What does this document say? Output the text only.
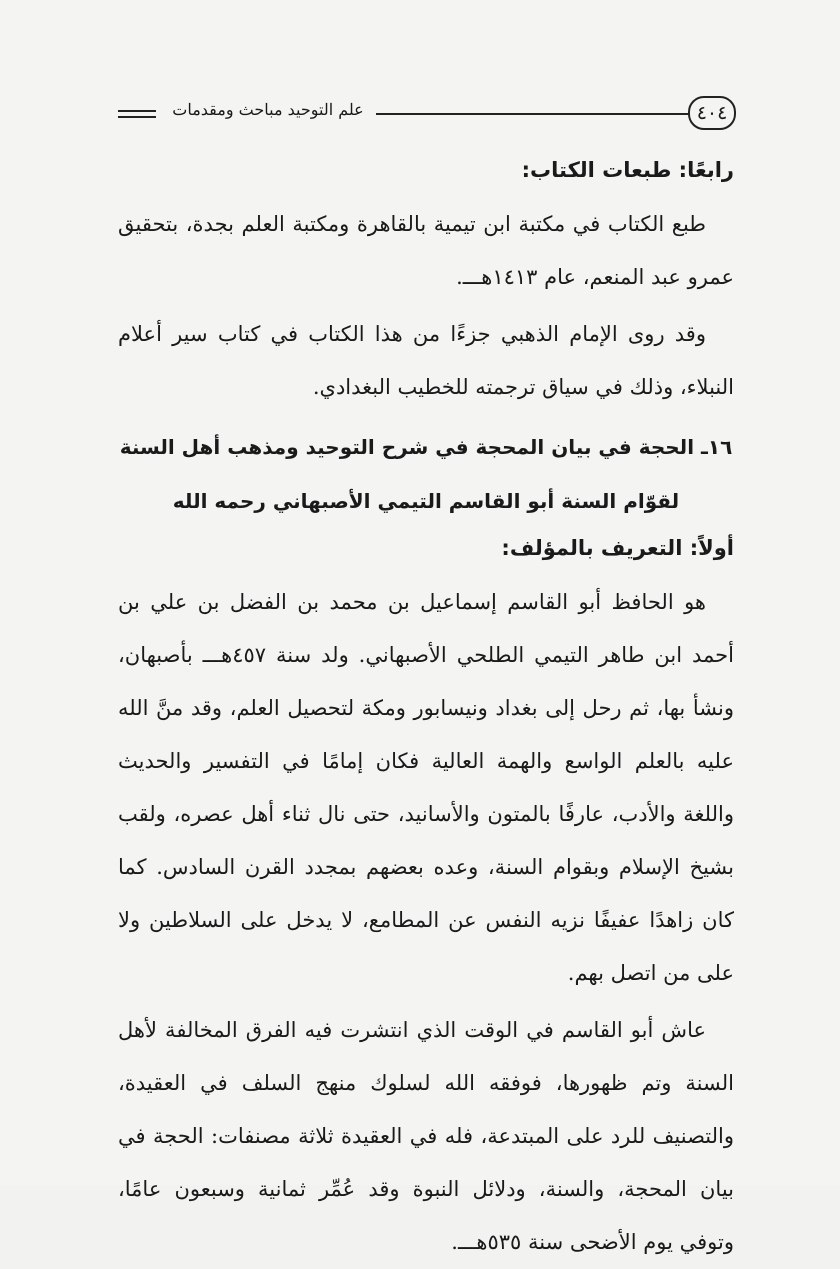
علم التوحيد مباحث ومقدمات	٤٠٤
رابعًا: طبعات الكتاب:

طبع الكتاب في مكتبة ابن تيمية بالقاهرة ومكتبة العلم بجدة، بتحقيق عمرو عبد المنعم، عام ١٤١٣هـــ.

وقد روى الإمام الذهبي جزءًا من هذا الكتاب في كتاب سير أعلام النبلاء، وذلك في سياق ترجمته للخطيب البغدادي.

١٦ـ الحجة في بيان المحجة في شرح التوحيد ومذهب أهل السنة

لقوّام السنة أبو القاسم التيمي الأصبهاني رحمه الله

أولاً: التعريف بالمؤلف:

هو الحافظ أبو القاسم إسماعيل بن محمد بن الفضل بن علي بن أحمد ابن طاهر التيمي الطلحي الأصبهاني. ولد سنة ٤٥٧هـــ بأصبهان، ونشأ بها، ثم رحل إلى بغداد ونيسابور ومكة لتحصيل العلم، وقد منَّ الله عليه بالعلم الواسع والهمة العالية فكان إمامًا في التفسير والحديث واللغة والأدب، عارفًا بالمتون والأسانيد، حتى نال ثناء أهل عصره، ولقب بشيخ الإسلام وبقوام السنة، وعده بعضهم بمجدد القرن السادس. كما كان زاهدًا عفيفًا نزيه النفس عن المطامع، لا يدخل على السلاطين ولا على من اتصل بهم.

عاش أبو القاسم في الوقت الذي انتشرت فيه الفرق المخالفة لأهل السنة وتم ظهورها، فوفقه الله لسلوك منهج السلف في العقيدة، والتصنيف للرد على المبتدعة، فله في العقيدة ثلاثة مصنفات: الحجة في بيان المحجة، والسنة، ودلائل النبوة وقد عُمِّر ثمانية وسبعون عامًا، وتوفي يوم الأضحى سنة ٥٣٥هـــ.
